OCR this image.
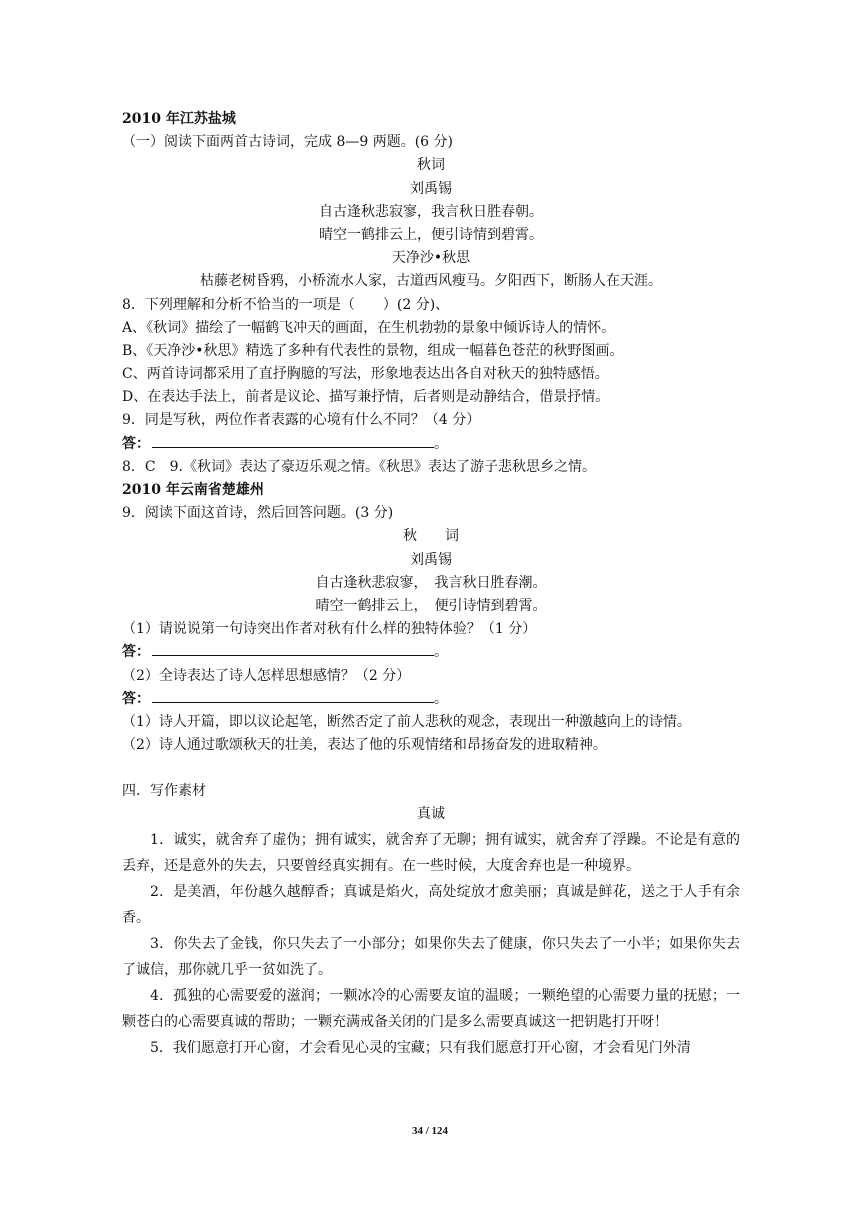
2010 年江苏盐城
（一）阅读下面两首古诗词，完成 8—9 两题。(6 分)
秋词
刘禹锡
自古逢秋悲寂寥，我言秋日胜春朝。
晴空一鹤排云上，便引诗情到碧霄。
天净沙•秋思
枯藤老树昏鸦，小桥流水人家，古道西风瘦马。夕阳西下，断肠人在天涯。
8．下列理解和分析不恰当的一项是（　　）(2 分)、
A、《秋词》描绘了一幅鹤飞冲天的画面，在生机勃勃的景象中倾诉诗人的情怀。
B、《天净沙•秋思》精选了多种有代表性的景物，组成一幅暮色苍茫的秋野图画。
C、两首诗词都采用了直抒胸臆的写法，形象地表达出各自对秋天的独特感悟。
D、在表达手法上，前者是议论、描写兼抒情，后者则是动静结合，借景抒情。
9．同是写秋，两位作者表露的心境有什么不同？（4 分）
答：	。
8．C　9.《秋词》表达了豪迈乐观之情。《秋思》表达了游子悲秋思乡之情。
2010 年云南省楚雄州
9．阅读下面这首诗，然后回答问题。(3 分)
秋　　词
刘禹锡
自古逢秋悲寂寥，　我言秋日胜春潮。
晴空一鹤排云上，　便引诗情到碧霄。
（1）请说说第一句诗突出作者对秋有什么样的独特体验？（1 分）
答：	。
（2）全诗表达了诗人怎样思想感情？（2 分）
答：	。
（1）诗人开篇，即以议论起笔，断然否定了前人悲秋的观念，表现出一种激越向上的诗情。
（2）诗人通过歌颂秋天的壮美，表达了他的乐观情绪和昂扬奋发的进取精神。
四．写作素材
真诚
1．诚实，就舍弃了虚伪；拥有诚实，就舍弃了无聊；拥有诚实，就舍弃了浮躁。不论是有意的丢弃，还是意外的失去，只要曾经真实拥有。在一些时候，大度舍弃也是一种境界。
2．是美酒，年份越久越醇香；真诚是焰火，高处绽放才愈美丽；真诚是鲜花，送之于人手有余香。
3．你失去了金钱，你只失去了一小部分；如果你失去了健康，你只失去了一小半；如果你失去了诚信，那你就几乎一贫如洗了。
4．孤独的心需要爱的滋润；一颗冰冷的心需要友谊的温暖；一颗绝望的心需要力量的抚慰；一颗苍白的心需要真诚的帮助；一颗充满戒备关闭的门是多么需要真诚这一把钥匙打开呀！
5．我们愿意打开心窗，才会看见心灵的宝藏；只有我们愿意打开心窗，才会看见门外清
34 / 124
